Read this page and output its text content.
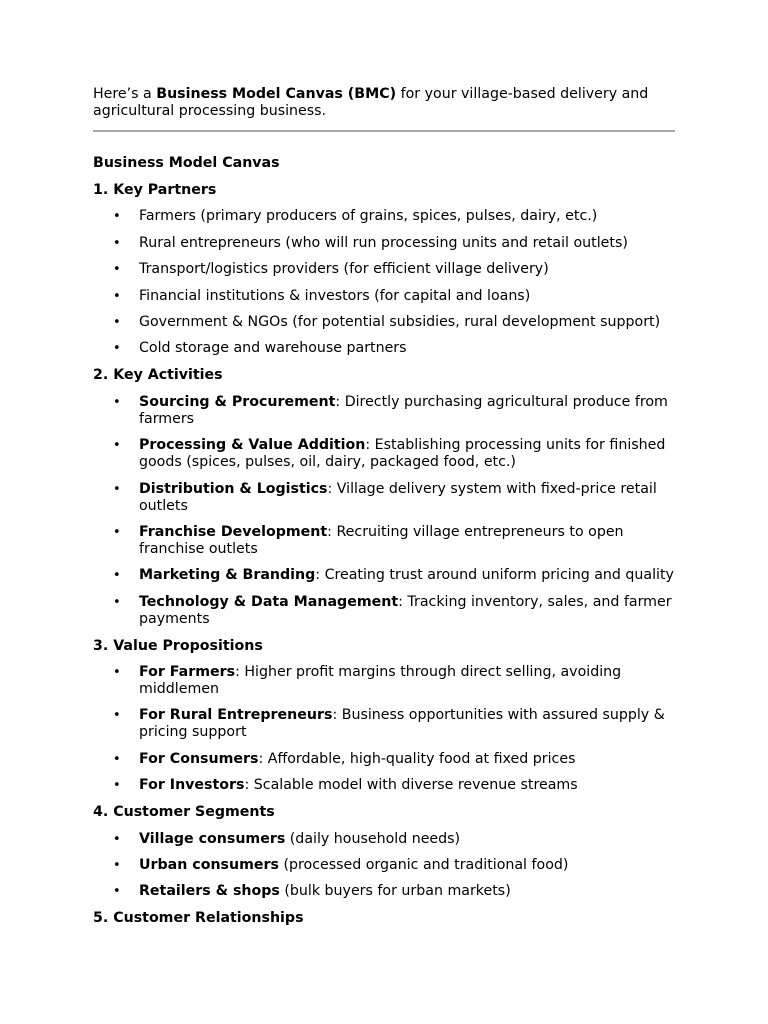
Here’s a Business Model Canvas (BMC) for your village-based delivery and agricultural processing business.

Business Model Canvas

1. Key Partners

• Farmers (primary producers of grains, spices, pulses, dairy, etc.)
• Rural entrepreneurs (who will run processing units and retail outlets)
• Transport/logistics providers (for efficient village delivery)
• Financial institutions & investors (for capital and loans)
• Government & NGOs (for potential subsidies, rural development support)
• Cold storage and warehouse partners

2. Key Activities

• Sourcing & Procurement: Directly purchasing agricultural produce from farmers
• Processing & Value Addition: Establishing processing units for finished goods (spices, pulses, oil, dairy, packaged food, etc.)
• Distribution & Logistics: Village delivery system with fixed-price retail outlets
• Franchise Development: Recruiting village entrepreneurs to open franchise outlets
• Marketing & Branding: Creating trust around uniform pricing and quality
• Technology & Data Management: Tracking inventory, sales, and farmer payments

3. Value Propositions

• For Farmers: Higher profit margins through direct selling, avoiding middlemen
• For Rural Entrepreneurs: Business opportunities with assured supply & pricing support
• For Consumers: Affordable, high-quality food at fixed prices
• For Investors: Scalable model with diverse revenue streams

4. Customer Segments

• Village consumers (daily household needs)
• Urban consumers (processed organic and traditional food)
• Retailers & shops (bulk buyers for urban markets)

5. Customer Relationships
